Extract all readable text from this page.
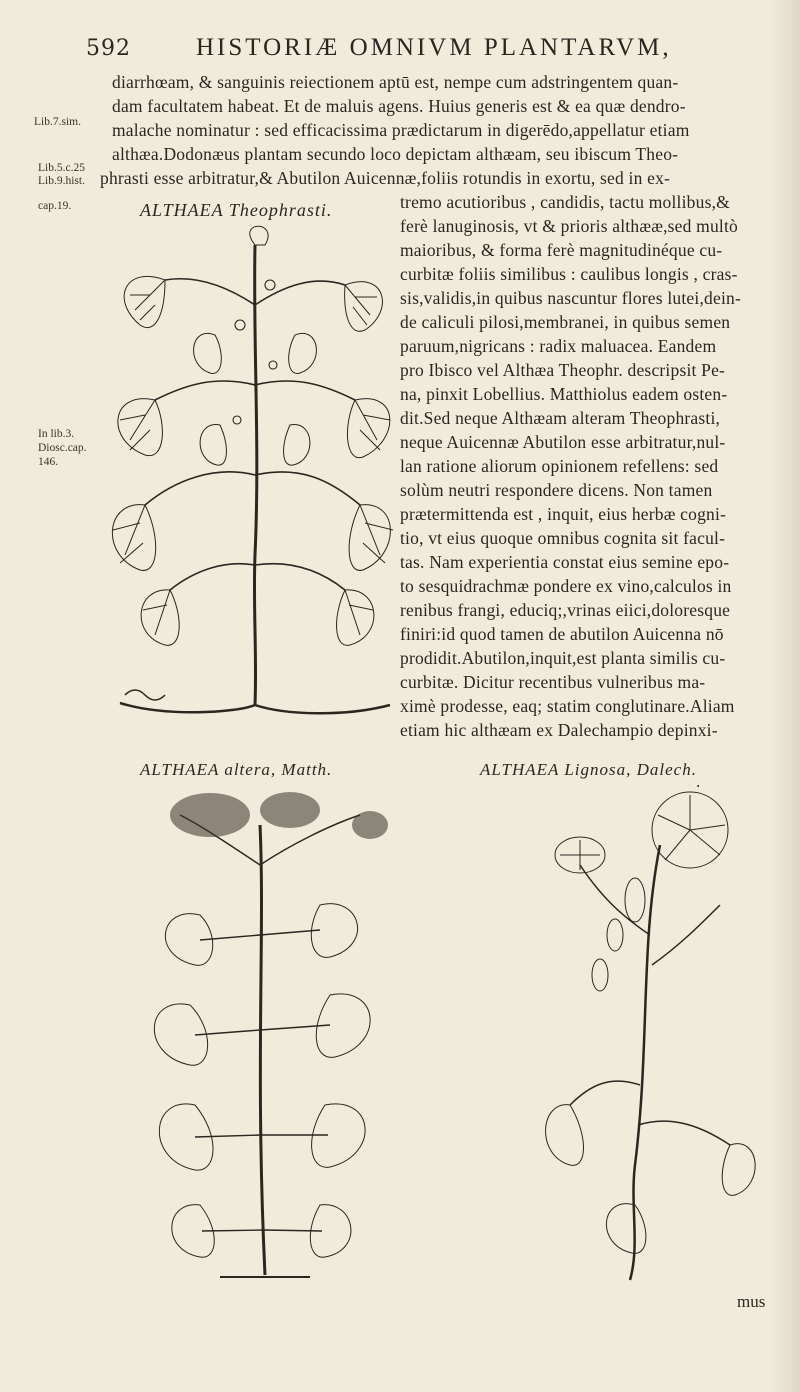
592	HISTORIÆ OMNIVM PLANTARVM,
Lib.7.sim.
Lib.5.c.25
Lib.9.hist.
cap.19.
In lib.3.
Diosc.cap.
146.
diarrhœam, & sanguinis reiectionem aptū est, nempe cum adstringentem quan-
dam facultatem habeat. Et de maluis agens. Huius generis est & ea quæ dendro-
malache nominatur : sed efficacissima prædictarum in digerēdo,appellatur etiam
althæa.Dodonæus plantam secundo loco depictam althæam, seu ibiscum Theo-
phrasti esse arbitratur,& Abutilon Auicennæ,foliis rotundis in exortu, sed in ex-
tremo acutioribus , candidis, tactu mollibus,&
ferè lanuginosis, vt & prioris althææ,sed multò
maioribus, & forma ferè magnitudinéque cu-
curbitæ foliis similibus : caulibus longis , cras-
sis,validis,in quibus nascuntur flores lutei,dein-
de caliculi pilosi,membranei, in quibus semen
paruum,nigricans : radix maluacea. Eandem
pro Ibisco vel Althæa Theophr. descripsit Pe-
na, pinxit Lobellius. Matthiolus eadem osten-
dit.Sed neque Althæam alteram Theophrasti,
neque Auicennæ Abutilon esse arbitratur,nul-
lan ratione aliorum opinionem refellens: sed
solùm neutri respondere dicens. Non tamen
prætermittenda est , inquit, eius herbæ cogni-
tio, vt eius quoque omnibus cognita sit facul-
tas. Nam experientia constat eius semine epo-
to sesquidrachmæ pondere ex vino,calculos in
renibus frangi, educiq;,vrinas eiici,doloresque
finiri:id quod tamen de abutilon Auicenna nō
prodidit.Abutilon,inquit,est planta similis cu-
curbitæ. Dicitur recentibus vulneribus ma-
ximè prodesse, eaq; statim conglutinare.Aliam
etiam hic althæam ex Dalechampio depinxi-
ALTHAEA Theophrasti.
ALTHAEA altera, Matth.	ALTHAEA Lignosa, Dalech.
mus
